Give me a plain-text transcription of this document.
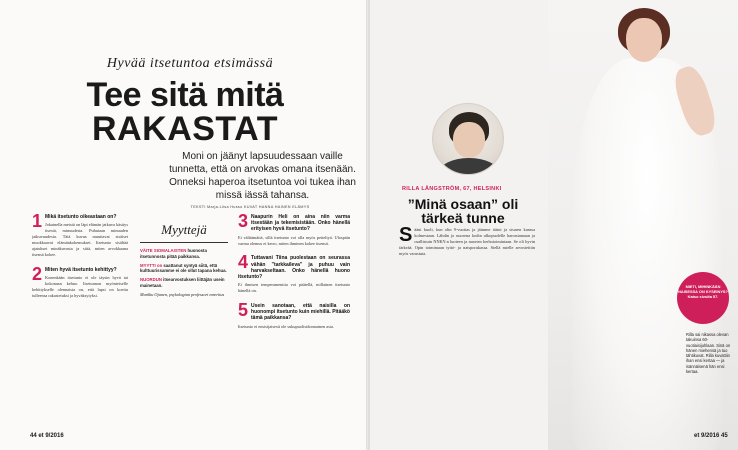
Hyvää itsetuntoa etsimässä
Tee sitä mitä
RAKASTAT
Moni on jäänyt lapsuudessaan vaille tunnetta, että on arvokas omana itsenään. Onneksi haperoa itsetuntoa voi tukea ihan missä iässä tahansa.
TEKSTI Marja-Liisa Husso KUVAT HANNA HAINEN ELÄMYS
1 Mikä itsetunto oikeastaan on?
Jokainella meistä on läpi elämän jatkuva käsitys itsestä, minuudesta. Puhutaan minuuden jatkuvuudesta. Tätä kuvaa muuttavat sisäiset muokkaavat elämänkokemukset. Itsetunto sisältää ajatukset minäkuvasta ja siitä, miten arvokkaana itsensä kokee.
2 Miten hyvä itsetunto kehittyy?
Konenkään itsetunto ei ole täysin hyvä tai kokonaan kehno. Itsetunnon myönteiselle kehittykselle olennaista on, että lapsi on koettu tulleensa rakastetuksi ja hyväksytyksi.
Myyttejä
VÄITE SIOMALAISTEN huonosta itsetunnosta pitää paikkansa.
MYYTTI on saattanut syntyä siitä, että kulttuurissamme ei ole ollut tapana kehua.
NUORDUN itsearvostuksen liittäjän usein mainetaan.
Markku Ojanen, psykologian professori emeritus
3 Naapurin Heli on aina niin varma itsestään ja tekemisistään. Onko hänellä erityisen hyvä itsetunto?
Ei välttämättä, sillä itsetunto voi olla myös peiteltyä. Ulospäin varma olemus ei kerro, miten ihminen kokee itsensä.
4 Tuttavani Tiina puolestaan on seurassa vähän ”tarkkaileva” ja puhuu vain harvakseltaan. Onko hänellä huono itsetunto?
Ei ihmisen temperamenttia voi päätellä, millainen itsetunto hänellä on.
5 Usein sanotaan, että naisilla on huonompi itsetunto kuin miehillä. Pitääkö tämä paikkansa?
Itsetunto ei ensisijaisesti ole sukupuolisidonnainen asia.
44 et 9/2016
RILLA LÄNGSTRÖM, 67, HELSINKI
”Minä osaan” oli tärkeä tunne
S ääni kuoli, kun olin 9-vuotias ja jäimme äitini ja sisaren kanssa kolmestaan. Lähdin jo nuorena kodin ulkopuolelle harrastamaan ja osallistuin NNKY:n luoteen ja nuorten kerhotoimintaan. Se oli hyvin tärkeää. Opin toimimaan tyttö- ja naisporukassa. Siellä mielle arvostettiin myös varustuta.
MIETI, MIHINKÄÄN NAISESSA ON KYSEINYS? Katso sivulta 57.
Rilla sai nikassa olevan takuinsa 60-vuotiaisijuhlaan. Sinä on hänen miehensä ja tuo tähtikuvat. Rilla kuvattiin ihan ensi kertaa — ja isännäisenä hän ensi kertaa.
et 9/2016 45
